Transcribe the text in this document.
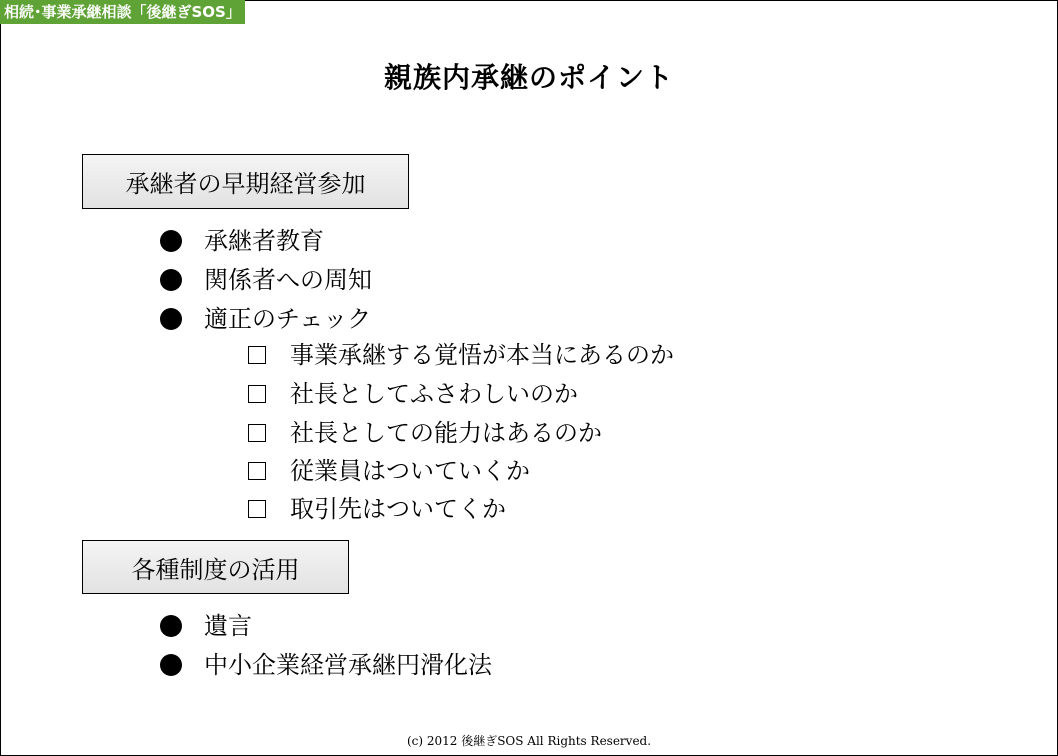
相続･事業承継相談「後継ぎSOS」
親族内承継のポイント
承継者の早期経営参加
承継者教育
関係者への周知
適正のチェック
事業承継する覚悟が本当にあるのか
社長としてふさわしいのか
社長としての能力はあるのか
従業員はついていくか
取引先はついてくか
各種制度の活用
遺言
中小企業経営承継円滑化法
(c) 2012 後継ぎSOS All Rights Reserved.
